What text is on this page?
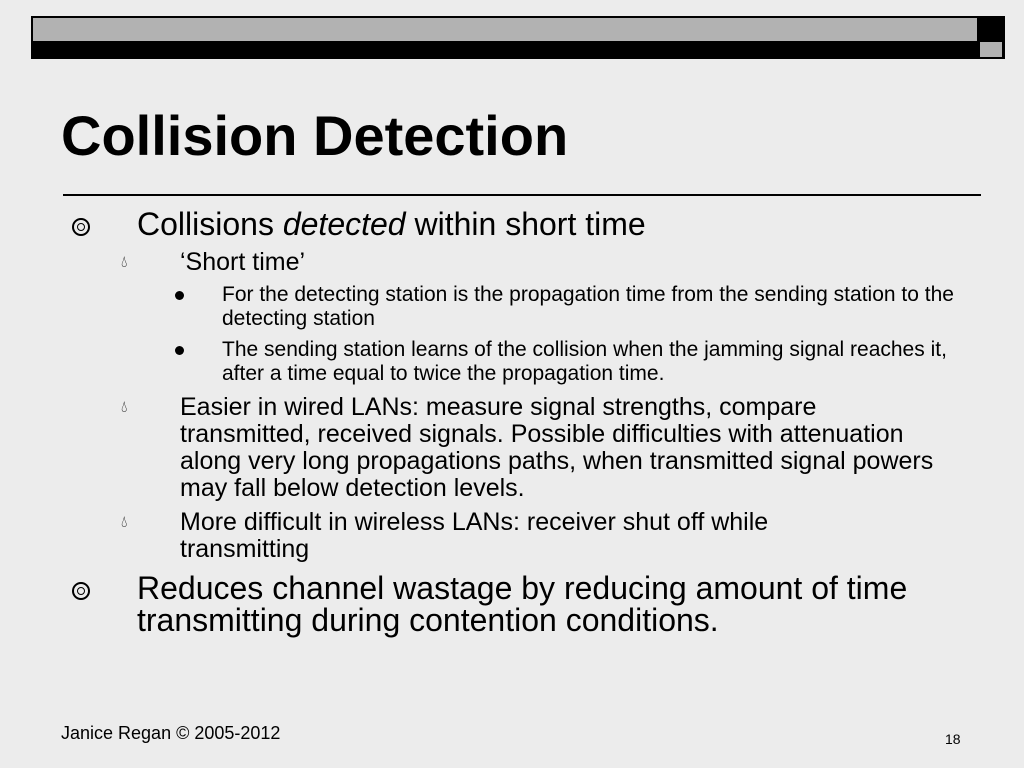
Collision Detection
Collisions detected within short time
💧︎ ‘Short time’
For the detecting station is the propagation time from the sending station to the detecting station
The sending station learns of the collision when the jamming signal reaches it, after a time equal to twice the propagation time.
💧︎ Easier in wired LANs: measure signal strengths, compare transmitted, received signals. Possible difficulties with attenuation along very long propagations paths, when transmitted signal powers may fall below detection levels.
💧︎ More difficult in wireless LANs: receiver shut off while transmitting
Reduces channel wastage by reducing amount of time transmitting during contention conditions.
Janice Regan © 2005-2012	18
